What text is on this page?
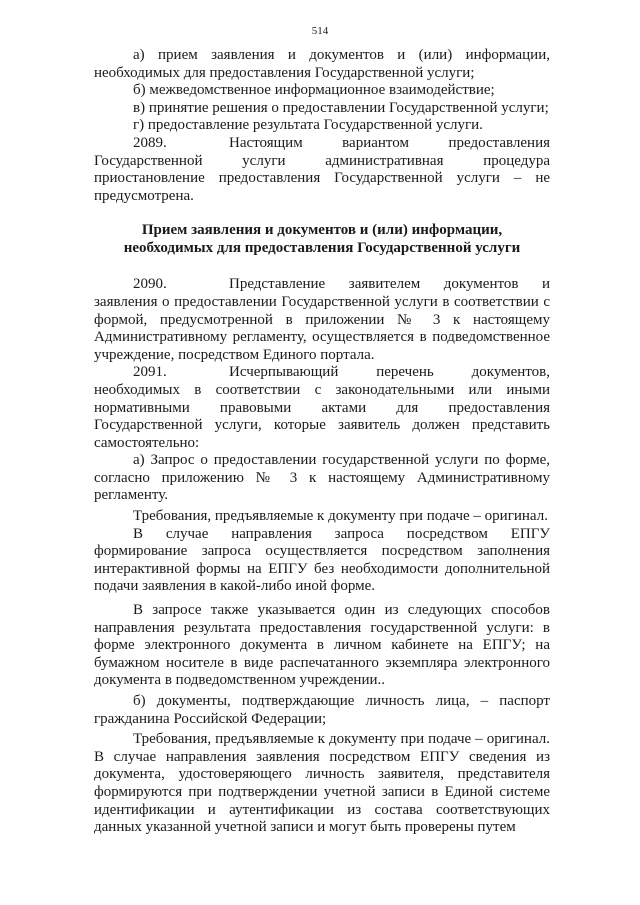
514

а) прием заявления и документов и (или) информации, необходимых для предоставления Государственной услуги;

б) межведомственное информационное взаимодействие;

в) принятие решения о предоставлении Государственной услуги;

г) предоставление результата Государственной услуги.

2089.	Настоящим вариантом предоставления Государственной услуги административная процедура приостановление предоставления Государственной услуги – не предусмотрена.

Прием заявления и документов и (или) информации,
необходимых для предоставления Государственной услуги

2090.	Представление заявителем документов и заявления о предоставлении Государственной услуги в соответствии с формой, предусмотренной в приложении № 3 к настоящему Административному регламенту, осуществляется в подведомственное учреждение, посредством Единого портала.

2091.	Исчерпывающий перечень документов, необходимых в соответствии с законодательными или иными нормативными правовыми актами для предоставления Государственной услуги, которые заявитель должен представить самостоятельно:

а) Запрос о предоставлении государственной услуги по форме, согласно приложению № 3 к настоящему Административному регламенту.

Требования, предъявляемые к документу при подаче – оригинал.

В случае направления запроса посредством ЕПГУ формирование запроса осуществляется посредством заполнения интерактивной формы на ЕПГУ без необходимости дополнительной подачи заявления в какой-либо иной форме.

В запросе также указывается один из следующих способов направления результата предоставления государственной услуги: в форме электронного документа в личном кабинете на ЕПГУ; на бумажном носителе в виде распечатанного экземпляра электронного документа в подведомственном учреждении..

б) документы, подтверждающие личность лица, – паспорт гражданина Российской Федерации;

Требования, предъявляемые к документу при подаче – оригинал. В случае направления заявления посредством ЕПГУ сведения из документа, удостоверяющего личность заявителя, представителя формируются при подтверждении учетной записи в Единой системе идентификации и аутентификации из состава соответствующих данных указанной учетной записи и могут быть проверены путем
